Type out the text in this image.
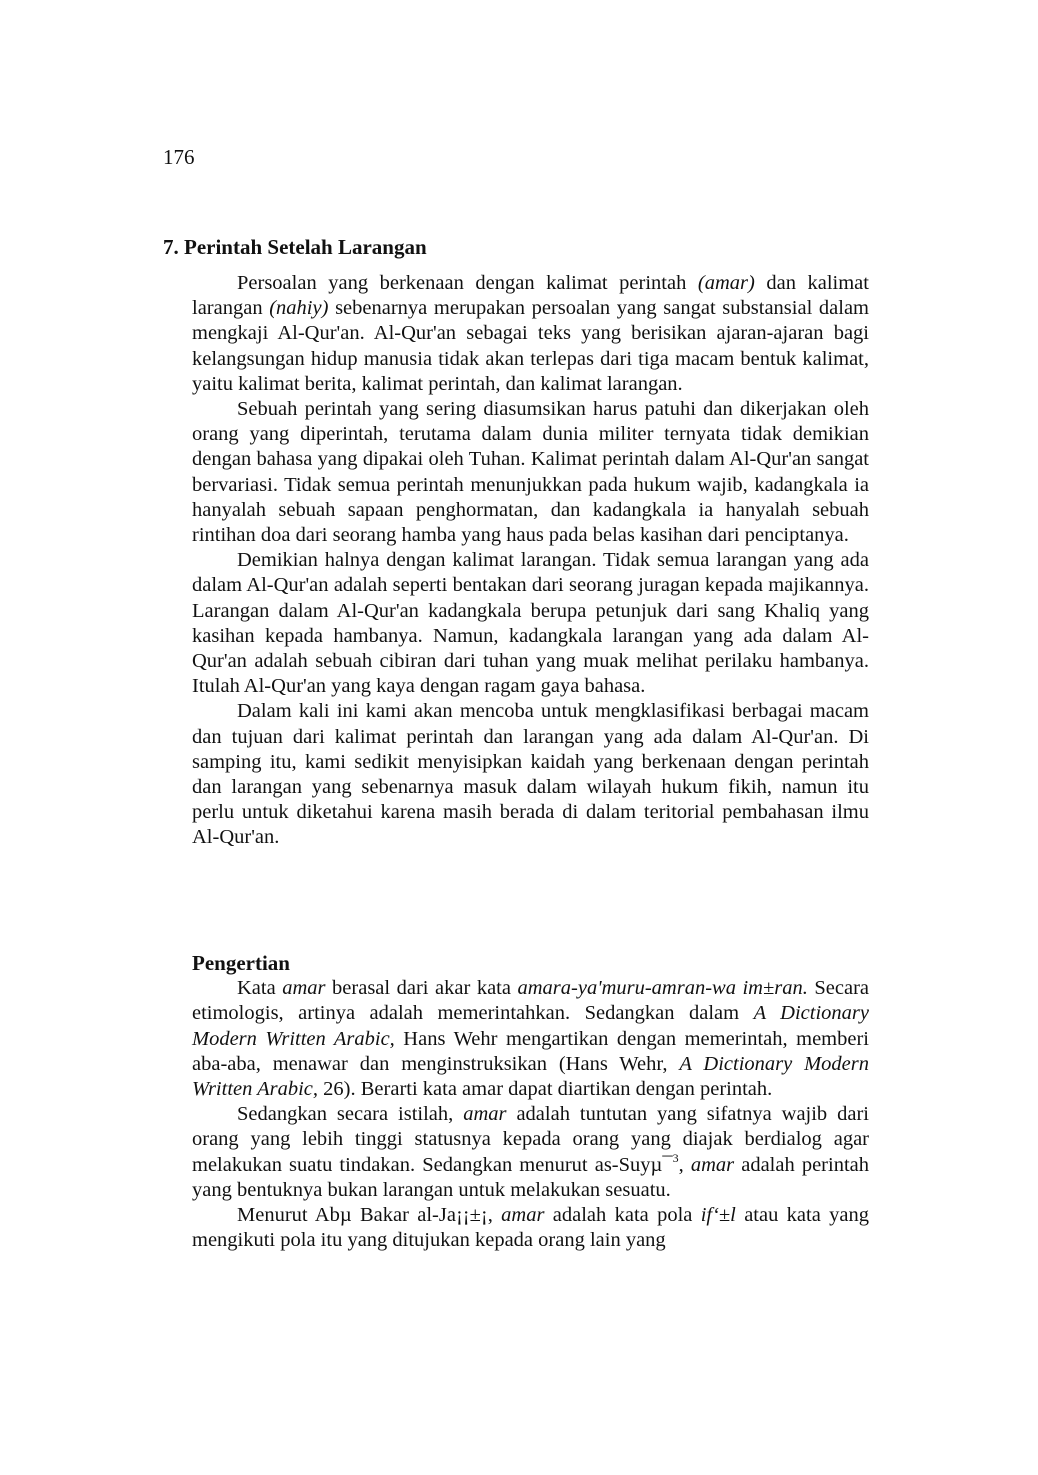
176
7. Perintah Setelah Larangan

Persoalan yang berkenaan dengan kalimat perintah (amar) dan kalimat larangan (nahiy) sebenarnya merupakan persoalan yang sangat substansial dalam mengkaji Al-Qur'an. Al-Qur'an sebagai teks yang berisikan ajaran-ajaran bagi kelangsungan hidup manusia tidak akan terlepas dari tiga macam bentuk kalimat, yaitu kalimat berita, kalimat perintah, dan kalimat larangan.

Sebuah perintah yang sering diasumsikan harus patuhi dan dikerjakan oleh orang yang diperintah, terutama dalam dunia militer ternyata tidak demikian dengan bahasa yang dipakai oleh Tuhan. Kalimat perintah dalam Al-Qur'an sangat bervariasi. Tidak semua perintah menunjukkan pada hukum wajib, kadangkala ia hanyalah sebuah sapaan penghormatan, dan kadangkala ia hanyalah sebuah rintihan doa dari seorang hamba yang haus pada belas kasihan dari penciptanya.

Demikian halnya dengan kalimat larangan. Tidak semua larangan yang ada dalam Al-Qur'an adalah seperti bentakan dari seorang juragan kepada majikannya. Larangan dalam Al-Qur'an kadangkala berupa petunjuk dari sang Khaliq yang kasihan kepada hambanya. Namun, kadangkala larangan yang ada dalam Al-Qur'an adalah sebuah cibiran dari tuhan yang muak melihat perilaku hambanya. Itulah Al-Qur'an yang kaya dengan ragam gaya bahasa.

Dalam kali ini kami akan mencoba untuk mengklasifikasi berbagai macam dan tujuan dari kalimat perintah dan larangan yang ada dalam Al-Qur'an. Di samping itu, kami sedikit menyisipkan kaidah yang berkenaan dengan perintah dan larangan yang sebenarnya masuk dalam wilayah hukum fikih, namun itu perlu untuk diketahui karena masih berada di dalam teritorial pembahasan ilmu Al-Qur'an.

Pengertian

Kata amar berasal dari akar kata amara-ya'muru-amran-wa im±ran. Secara etimologis, artinya adalah memerintahkan. Sedangkan dalam A Dictionary Modern Written Arabic, Hans Wehr mengartikan dengan memerintah, memberi aba-aba, menawar dan menginstruksikan (Hans Wehr, A Dictionary Modern Written Arabic, 26). Berarti kata amar dapat diartikan dengan perintah.

Sedangkan secara istilah, amar adalah tuntutan yang sifatnya wajib dari orang yang lebih tinggi statusnya kepada orang yang diajak berdialog agar melakukan suatu tindakan. Sedangkan menurut as-Suyµ¯$^3$, amar adalah perintah yang bentuknya bukan larangan untuk melakukan sesuatu.

Menurut Abµ Bakar al-Ja¡¡±¡, amar adalah kata pola if‘±l atau kata yang mengikuti pola itu yang ditujukan kepada orang lain yang
